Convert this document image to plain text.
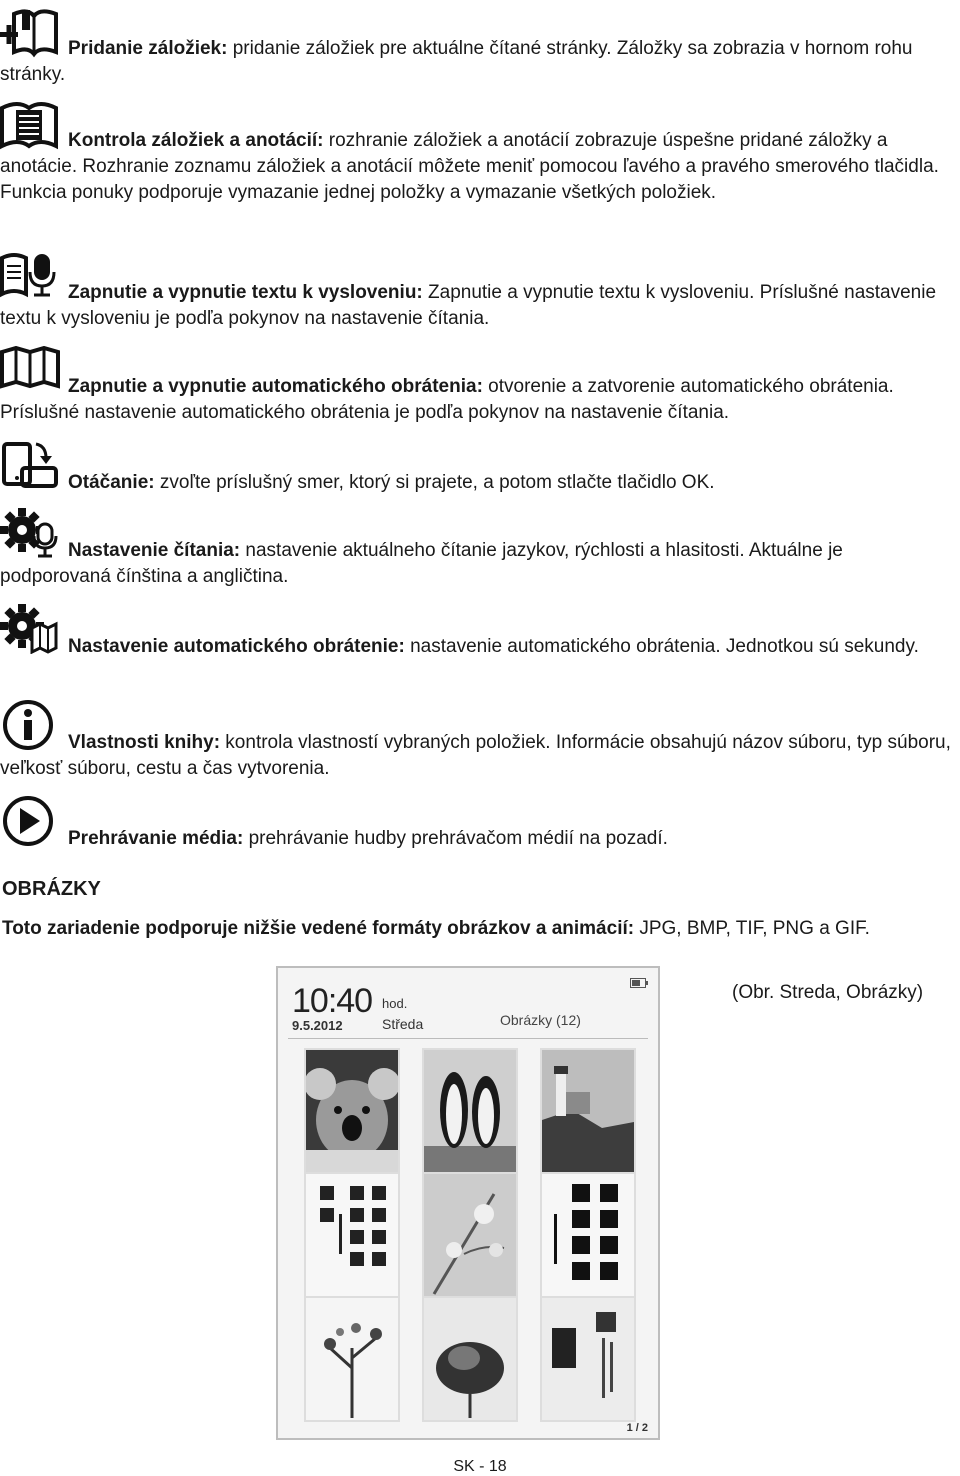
Pridanie záložiek: pridanie záložiek pre aktuálne čítané stránky. Záložky sa zobrazia v hornom rohu stránky.

Kontrola záložiek a anotácií: rozhranie záložiek a anotácií zobrazuje úspešne pridané záložky a anotácie. Rozhranie zoznamu záložiek a anotácií môžete meniť pomocou ľavého a pravého smerového tlačidla. Funkcia ponuky podporuje vymazanie jednej položky a vymazanie všetkých položiek.

Zapnutie a vypnutie textu k vysloveniu: Zapnutie a vypnutie textu k vysloveniu. Príslušné nastavenie textu k vysloveniu je podľa pokynov na nastavenie čítania.

Zapnutie a vypnutie automatického obrátenia: otvorenie a zatvorenie automatického obrátenia. Príslušné nastavenie automatického obrátenia je podľa pokynov na nastavenie čítania.

Otáčanie: zvoľte príslušný smer, ktorý si prajete, a potom stlačte tlačidlo OK.

Nastavenie čítania: nastavenie aktuálneho čítanie jazykov, rýchlosti a hlasitosti. Aktuálne je podporovaná čínština a angličtina.

Nastavenie automatického obrátenie: nastavenie automatického obrátenia. Jednotkou sú sekundy.

Vlastnosti knihy: kontrola vlastností vybraných položiek. Informácie obsahujú názov súboru, typ súboru, veľkosť súboru, cestu a čas vytvorenia.

Prehrávanie média: prehrávanie hudby prehrávačom médií na pozadí.

OBRÁZKY

Toto zariadenie podporuje nižšie vedené formáty obrázkov a animácií: JPG, BMP, TIF, PNG a GIF.

(Obr. Streda, Obrázky)
10:40 hod.
9.5.2012	Středa	Obrázky (12)
1 / 2
SK - 18
